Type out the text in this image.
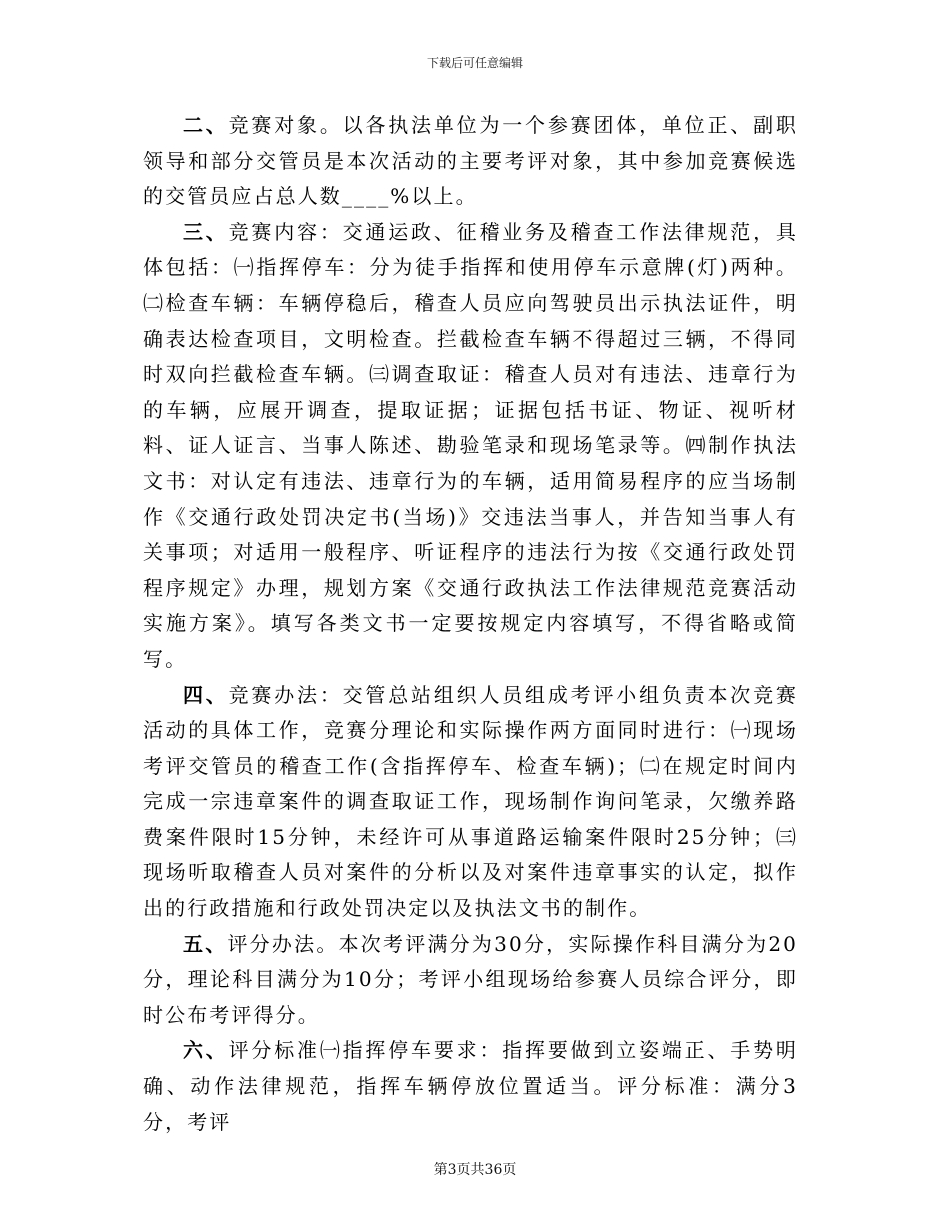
下载后可任意编辑

二、竞赛对象。以各执法单位为一个参赛团体，单位正、副职领导和部分交管员是本次活动的主要考评对象，其中参加竞赛候选的交管员应占总人数____%以上。

三、竞赛内容：交通运政、征稽业务及稽查工作法律规范，具体包括：㈠指挥停车：分为徒手指挥和使用停车示意牌(灯)两种。㈡检查车辆：车辆停稳后，稽查人员应向驾驶员出示执法证件，明确表达检查项目，文明检查。拦截检查车辆不得超过三辆，不得同时双向拦截检查车辆。㈢调查取证：稽查人员对有违法、违章行为的车辆，应展开调查，提取证据；证据包括书证、物证、视听材料、证人证言、当事人陈述、勘验笔录和现场笔录等。㈣制作执法文书：对认定有违法、违章行为的车辆，适用简易程序的应当场制作《交通行政处罚决定书(当场)》交违法当事人，并告知当事人有关事项；对适用一般程序、听证程序的违法行为按《交通行政处罚程序规定》办理，规划方案《交通行政执法工作法律规范竞赛活动实施方案》。填写各类文书一定要按规定内容填写，不得省略或简写。

四、竞赛办法：交管总站组织人员组成考评小组负责本次竞赛活动的具体工作，竞赛分理论和实际操作两方面同时进行：㈠现场考评交管员的稽查工作(含指挥停车、检查车辆)；㈡在规定时间内完成一宗违章案件的调查取证工作，现场制作询问笔录，欠缴养路费案件限时15分钟，未经许可从事道路运输案件限时25分钟；㈢现场听取稽查人员对案件的分析以及对案件违章事实的认定，拟作出的行政措施和行政处罚决定以及执法文书的制作。

五、评分办法。本次考评满分为30分，实际操作科目满分为20分，理论科目满分为10分；考评小组现场给参赛人员综合评分，即时公布考评得分。

六、评分标准㈠指挥停车要求：指挥要做到立姿端正、手势明确、动作法律规范，指挥车辆停放位置适当。评分标准：满分3分，考评

第3页共36页
